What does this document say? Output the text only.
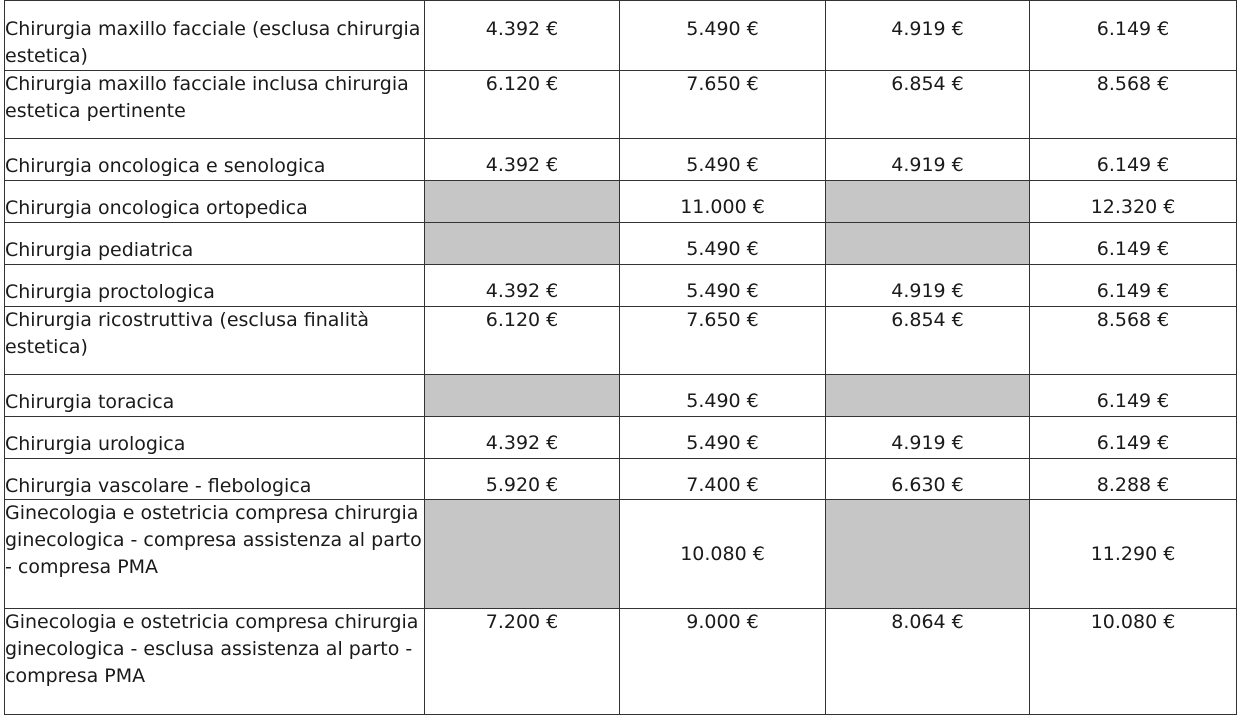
Chirurgia maxillo facciale (esclusa chirurgia estetica)	4.392 €	5.490 €	4.919 €	6.149 €
Chirurgia maxillo facciale inclusa chirurgia estetica pertinente	6.120 €	7.650 €	6.854 €	8.568 €
Chirurgia oncologica e senologica	4.392 €	5.490 €	4.919 €	6.149 €
Chirurgia oncologica ortopedica		11.000 €		12.320 €
Chirurgia pediatrica		5.490 €		6.149 €
Chirurgia proctologica	4.392 €	5.490 €	4.919 €	6.149 €
Chirurgia ricostruttiva (esclusa finalità estetica)	6.120 €	7.650 €	6.854 €	8.568 €
Chirurgia toracica		5.490 €		6.149 €
Chirurgia urologica	4.392 €	5.490 €	4.919 €	6.149 €
Chirurgia vascolare - flebologica	5.920 €	7.400 €	6.630 €	8.288 €
Ginecologia e ostetricia compresa chirurgia ginecologica - compresa assistenza al parto - compresa PMA		10.080 €		11.290 €
Ginecologia e ostetricia compresa chirurgia ginecologica - esclusa assistenza al parto - compresa PMA	7.200 €	9.000 €	8.064 €	10.080 €
